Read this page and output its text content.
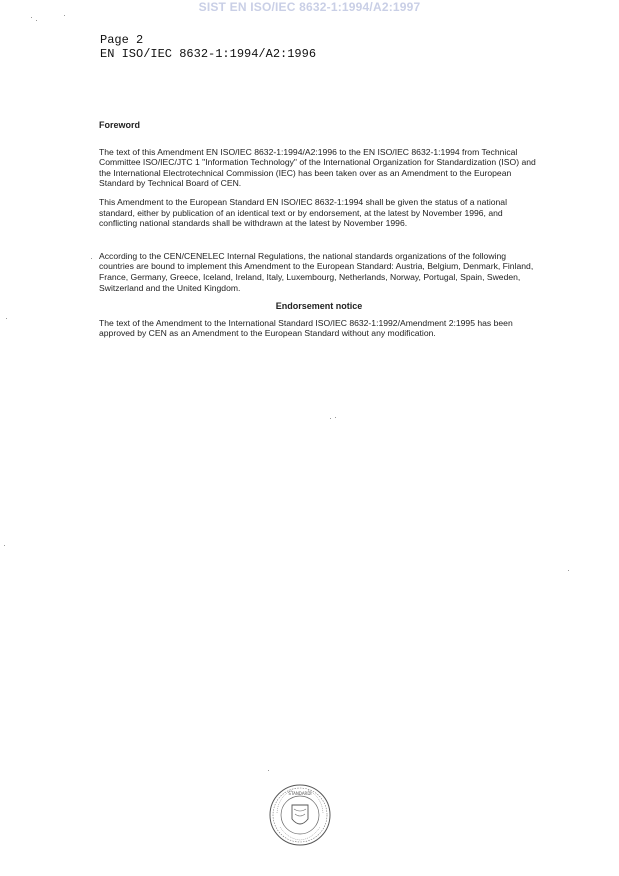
SIST EN ISO/IEC 8632-1:1994/A2:1997
Page 2
EN ISO/IEC 8632-1:1994/A2:1996
Foreword
The text of this Amendment EN ISO/IEC 8632-1:1994/A2:1996 to the EN ISO/IEC 8632-1:1994 from Technical Committee ISO/IEC/JTC 1 "Information Technology" of the International Organization for Standardization (ISO) and the International Electrotechnical Commission (IEC) has been taken over as an Amendment to the European Standard by Technical Board of CEN.
This Amendment to the European Standard EN ISO/IEC 8632-1:1994 shall be given the status of a national standard, either by publication of an identical text or by endorsement, at the latest by November 1996, and conflicting national standards shall be withdrawn at the latest by November 1996.
According to the CEN/CENELEC Internal Regulations, the national standards organizations of the following countries are bound to implement this Amendment to the European Standard: Austria, Belgium, Denmark, Finland, France, Germany, Greece, Iceland, Ireland, Italy, Luxembourg, Netherlands, Norway, Portugal, Spain, Sweden, Switzerland and the United Kingdom.
Endorsement notice
The text of the Amendment to the International Standard ISO/IEC 8632-1:1992/Amendment 2:1995 has been approved by CEN as an Amendment to the European Standard without any modification.
STANDARDI
